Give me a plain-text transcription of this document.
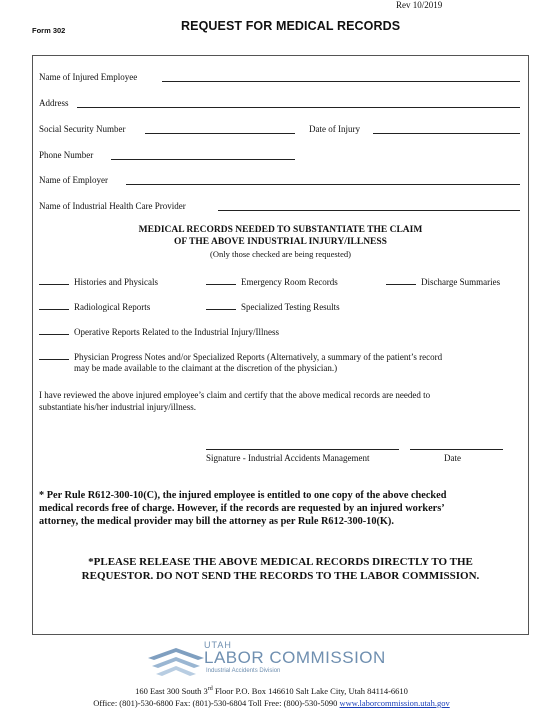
Rev 10/2019
Form 302	REQUEST FOR MEDICAL RECORDS
Name of Injured Employee
Address
Social Security Number	Date of Injury
Phone Number
Name of Employer
Name of Industrial Health Care Provider
MEDICAL RECORDS NEEDED TO SUBSTANTIATE THE CLAIM
OF THE ABOVE INDUSTRIAL INJURY/ILLNESS
(Only those checked are being requested)
Histories and Physicals	Emergency Room Records	Discharge Summaries
Radiological Reports	Specialized Testing Results
Operative Reports Related to the Industrial Injury/Illness
Physician Progress Notes and/or Specialized Reports (Alternatively, a summary of the patient’s record
may be made available to the claimant at the discretion of the physician.)
I have reviewed the above injured employee’s claim and certify that the above medical records are needed to
substantiate his/her industrial injury/illness.
Signature - Industrial Accidents Management	Date
* Per Rule R612-300-10(C), the injured employee is entitled to one copy of the above checked
medical records free of charge. However, if the records are requested by an injured workers’
attorney, the medical provider may bill the attorney as per Rule R612-300-10(K).
*PLEASE RELEASE THE ABOVE MEDICAL RECORDS DIRECTLY TO THE
REQUESTOR. DO NOT SEND THE RECORDS TO THE LABOR COMMISSION.
UTAH
LABOR COMMISSION
Industrial Accidents Division
160 East 300 South 3rd Floor P.O. Box 146610 Salt Lake City, Utah 84114-6610
Office: (801)-530-6800 Fax: (801)-530-6804 Toll Free: (800)-530-5090 www.laborcommission.utah.gov
